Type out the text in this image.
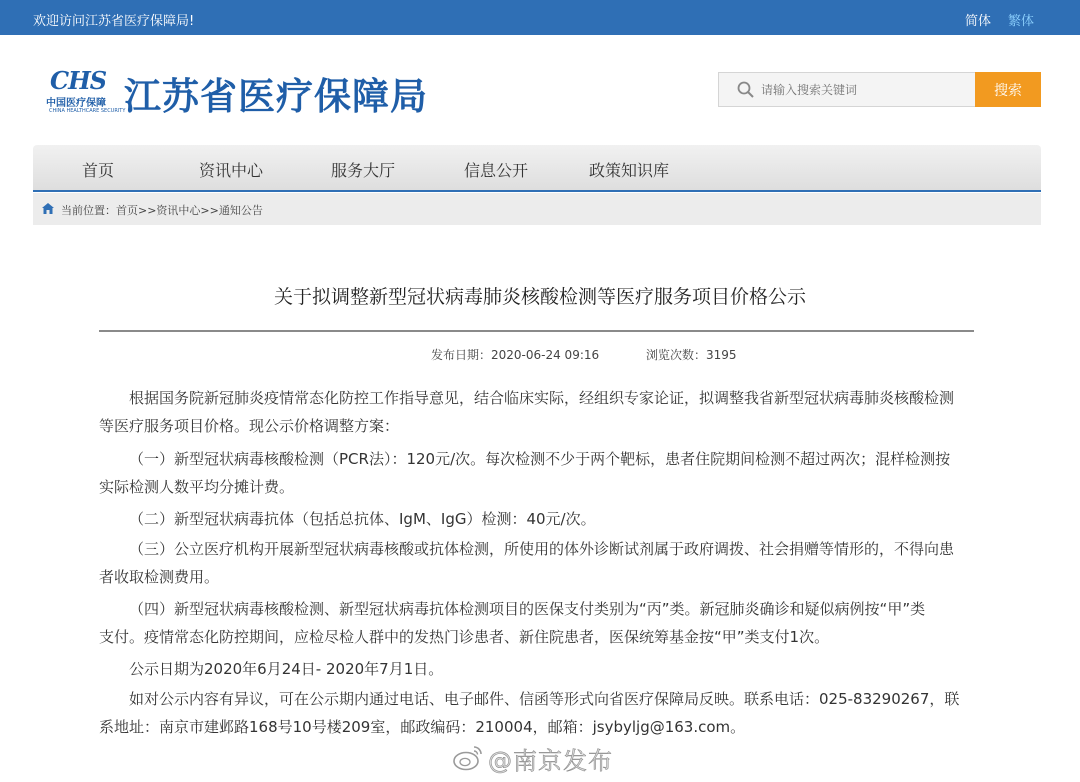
欢迎访问江苏省医疗保障局!	简体 繁体
CHS
中国医疗保障
CHINA HEALTHCARE SECURITY
江苏省医疗保障局
请输入搜索关键词	搜索
首页	资讯中心	服务大厅	信息公开	政策知识库
当前位置：首页>>资讯中心>>通知公告
关于拟调整新型冠状病毒肺炎核酸检测等医疗服务项目价格公示
发布日期：2020-06-24 09:16	浏览次数：3195
根据国务院新冠肺炎疫情常态化防控工作指导意见，结合临床实际，经组织专家论证，拟调整我省新型冠状病毒肺炎核酸检测
等医疗服务项目价格。现公示价格调整方案：
（一）新型冠状病毒核酸检测（PCR法）：120元/次。每次检测不少于两个靶标，患者住院期间检测不超过两次；混样检测按
实际检测人数平均分摊计费。
（二）新型冠状病毒抗体（包括总抗体、IgM、IgG）检测：40元/次。
（三）公立医疗机构开展新型冠状病毒核酸或抗体检测，所使用的体外诊断试剂属于政府调拨、社会捐赠等情形的，不得向患
者收取检测费用。
（四）新型冠状病毒核酸检测、新型冠状病毒抗体检测项目的医保支付类别为“丙”类。新冠肺炎确诊和疑似病例按“甲”类
支付。疫情常态化防控期间，应检尽检人群中的发热门诊患者、新住院患者，医保统筹基金按“甲”类支付1次。
公示日期为2020年6月24日- 2020年7月1日。
如对公示内容有异议，可在公示期内通过电话、电子邮件、信函等形式向省医疗保障局反映。联系电话：025-83290267，联
系地址：南京市建邺路168号10号楼209室，邮政编码：210004，邮箱：jsybyljg@163.com。
@南京发布
